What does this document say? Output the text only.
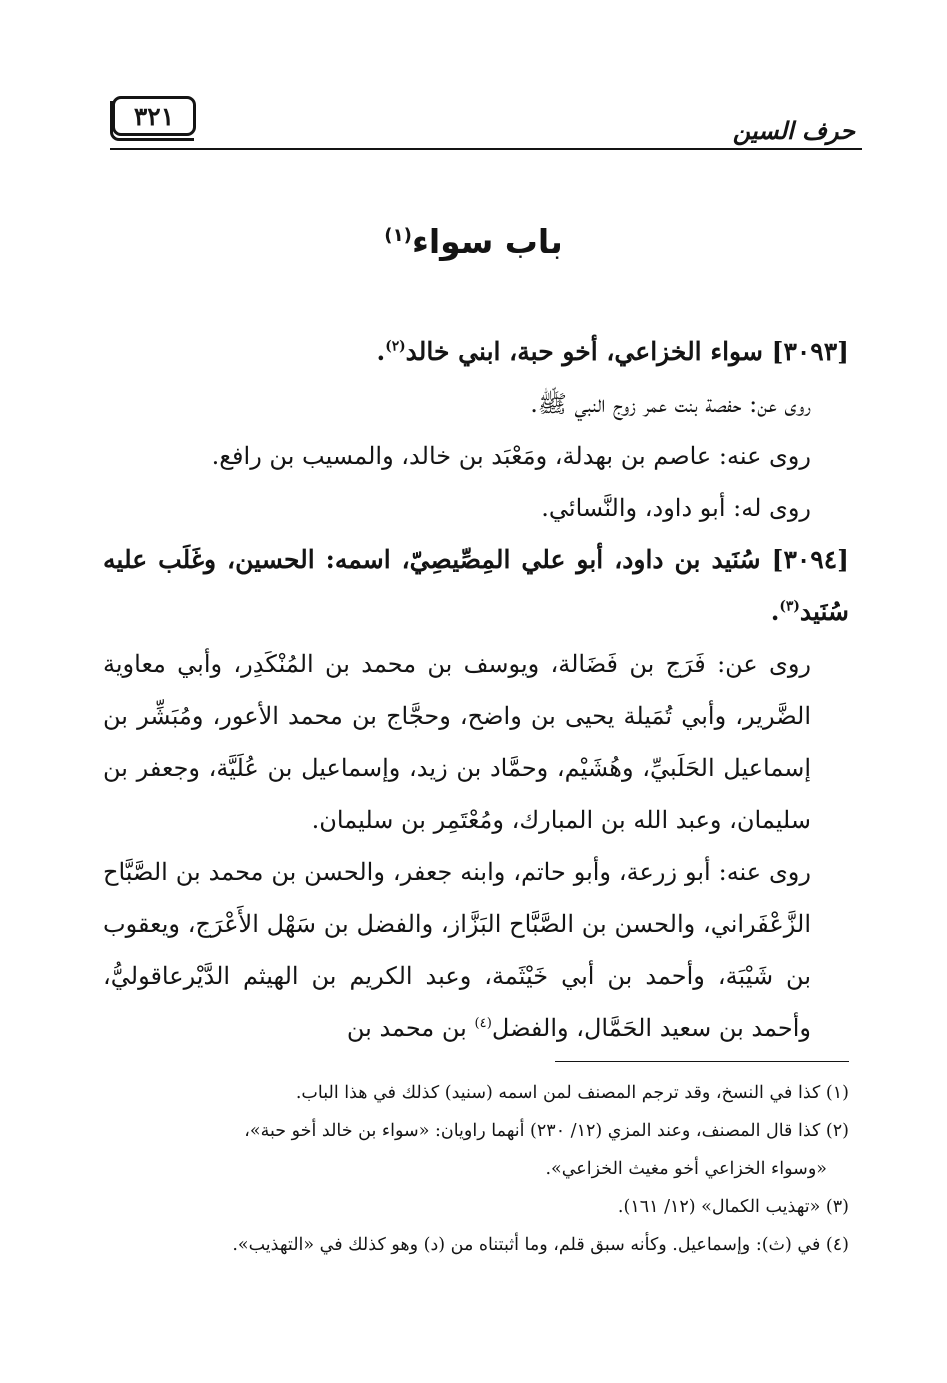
حرف السين
٣٢١
باب سواء$^{(١)}$

[٣٠٩٣] سواء الخزاعي، أخو حبة، ابني خالد$^{(٢)}$.

روى عن: حفصة بنت عمر زوج النبي ﷺ.

روى عنه: عاصم بن بهدلة، ومَعْبَد بن خالد، والمسيب بن رافع.

روى له: أبو داود، والنَّسائي.

[٣٠٩٤] سُنَيد بن داود، أبو علي المِصِّيصِيّ، اسمه: الحسين، وغَلَب عليه سُنَيد$^{(٣)}$.

روى عن: فَرَج بن فَضَالة، ويوسف بن محمد بن المُنْكَدِر، وأبي معاوية الضَّرير، وأبي تُمَيلة يحيى بن واضح، وحجَّاج بن محمد الأعور، ومُبَشِّر بن إسماعيل الحَلَبيِّ، وهُشَيْم، وحمَّاد بن زيد، وإسماعيل بن عُلَيَّة، وجعفر بن سليمان، وعبد الله بن المبارك، ومُعْتَمِر بن سليمان.

روى عنه: أبو زرعة، وأبو حاتم، وابنه جعفر، والحسن بن محمد بن الصَّبَّاح الزَّعْفَراني، والحسن بن الصَّبَّاح البَزَّاز، والفضل بن سَهْل الأَعْرَج، ويعقوب بن شَيْبَة، وأحمد بن أبي خَيْثَمة، وعبد الكريم بن الهيثم الدَّيْرعاقوليُّ، وأحمد بن سعيد الحَمَّال، والفضل$^{(٤)}$ بن محمد بن

(١) كذا في النسخ، وقد ترجم المصنف لمن اسمه (سنيد) كذلك في هذا الباب.

(٢) كذا قال المصنف، وعند المزي (١٢/ ٢٣٠) أنهما راويان: «سواء بن خالد أخو حبة»،

«وسواء الخزاعي أخو مغيث الخزاعي».

(٣) «تهذيب الكمال» (١٢/ ١٦١).

(٤) في (ث): وإسماعيل. وكأنه سبق قلم، وما أثبتناه من (د) وهو كذلك في «التهذيب».
